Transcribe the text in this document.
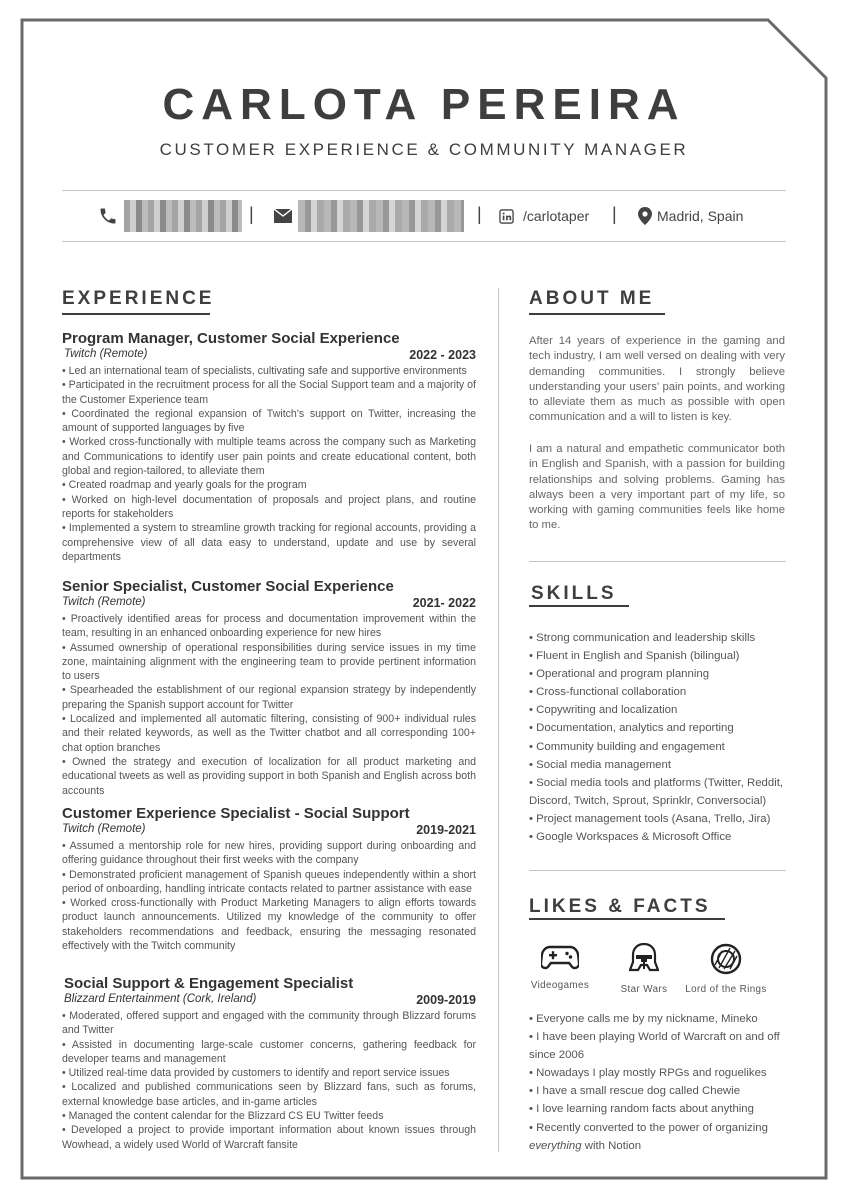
CARLOTA PEREIRA
CUSTOMER EXPERIENCE & COMMUNITY MANAGER
|	|	/carlotaper |	Madrid, Spain
EXPERIENCE	ABOUT ME
SKILLS
LIKES & FACTS
Program Manager, Customer Social Experience
Twitch (Remote)	2022 - 2023
• Led an international team of specialists, cultivating safe and supportive environments
• Participated in the recruitment process for all the Social Support team and a majority of the Customer Experience team
• Coordinated the regional expansion of Twitch's support on Twitter, increasing the amount of supported languages by five
• Worked cross-functionally with multiple teams across the company such as Marketing and Communications to identify user pain points and create educational content, both global and region-tailored, to alleviate them
• Created roadmap and yearly goals for the program
• Worked on high-level documentation of proposals and project plans, and routine reports for stakeholders
• Implemented a system to streamline growth tracking for regional accounts, providing a comprehensive view of all data easy to understand, update and use by several departments
Senior Specialist, Customer Social Experience
Twitch (Remote)	2021- 2022
• Proactively identified areas for process and documentation improvement within the team, resulting in an enhanced onboarding experience for new hires
• Assumed ownership of operational responsibilities during service issues in my time zone, maintaining alignment with the engineering team to provide pertinent information to users
• Spearheaded the establishment of our regional expansion strategy by independently preparing the Spanish support account for Twitter
• Localized and implemented all automatic filtering, consisting of 900+ individual rules and their related keywords, as well as the Twitter chatbot and all corresponding 100+ chat option branches
• Owned the strategy and execution of localization for all product marketing and educational tweets as well as providing support in both Spanish and English across both accounts
Customer Experience Specialist - Social Support
Twitch (Remote)	2019-2021
• Assumed a mentorship role for new hires, providing support during onboarding and offering guidance throughout their first weeks with the company
• Demonstrated proficient management of Spanish queues independently within a short period of onboarding, handling intricate contacts related to partner assistance with ease
• Worked cross-functionally with Product Marketing Managers to align efforts towards product launch announcements. Utilized my knowledge of the community to offer stakeholders recommendations and feedback, ensuring the messaging resonated effectively with the Twitch community
Social Support & Engagement Specialist
Blizzard Entertainment (Cork, Ireland)	2009-2019
• Moderated, offered support and engaged with the community through Blizzard forums and Twitter
• Assisted in documenting large-scale customer concerns, gathering feedback for developer teams and management
• Utilized real-time data provided by customers to identify and report service issues
• Localized and published communications seen by Blizzard fans, such as forums, external knowledge base articles, and in-game articles
• Managed the content calendar for the Blizzard CS EU Twitter feeds
• Developed a project to provide important information about known issues through Wowhead, a widely used World of Warcraft fansite
After 14 years of experience in the gaming and tech industry, I am well versed on dealing with very demanding communities. I strongly believe understanding your users' pain points, and working to alleviate them as much as possible with open communication and a will to listen is key.
I am a natural and empathetic communicator both in English and Spanish, with a passion for building relationships and solving problems. Gaming has always been a very important part of my life, so working with gaming communities feels like home to me.
• Strong communication and leadership skills
• Fluent in English and Spanish (bilingual)
• Operational and program planning
• Cross-functional collaboration
• Copywriting and localization
• Documentation, analytics and reporting
• Community building and engagement
• Social media management
• Social media tools and platforms (Twitter, Reddit, Discord, Twitch, Sprout, Sprinklr, Conversocial)
• Project management tools (Asana, Trello, Jira)
• Google Workspaces & Microsoft Office
Videogames	Star Wars	Lord of the Rings
• Everyone calls me by my nickname, Mineko
• I have been playing World of Warcraft on and off since 2006
• Nowadays I play mostly RPGs and roguelikes
• I have a small rescue dog called Chewie
• I love learning random facts about anything
• Recently converted to the power of organizing everything with Notion
